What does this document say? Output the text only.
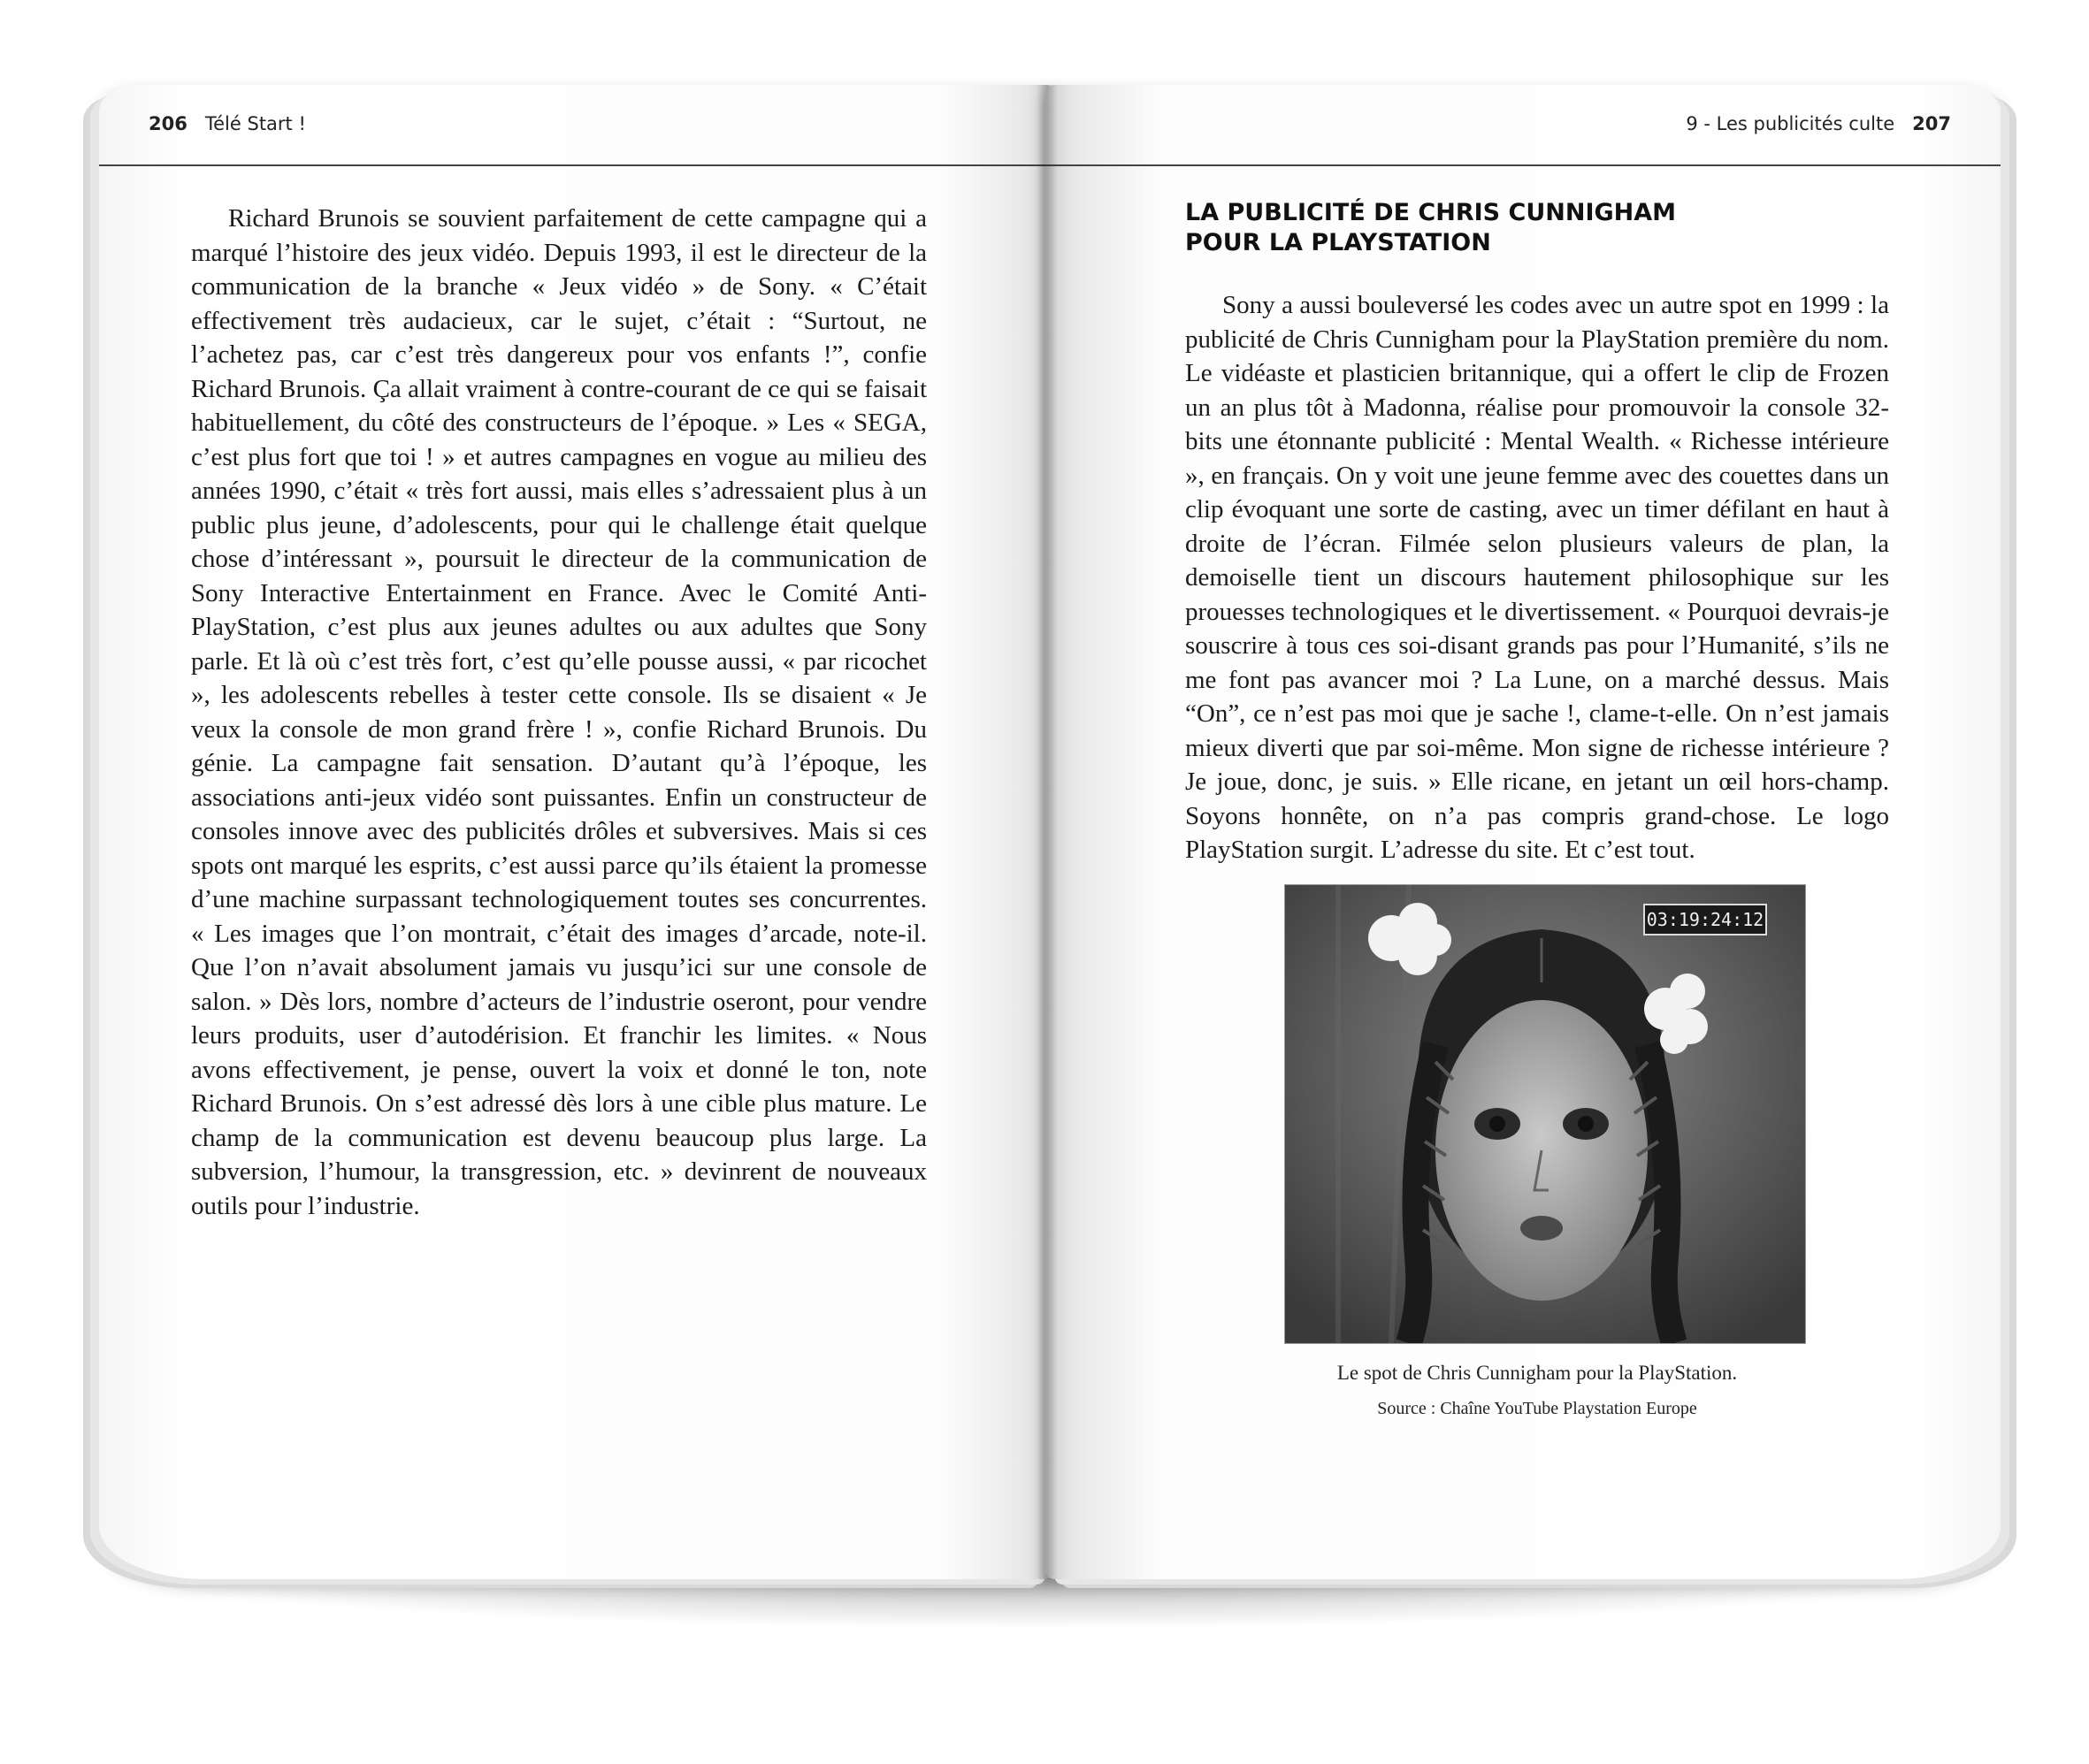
206 Télé Start !

Richard Brunois se souvient parfaitement de cette campagne qui a marqué l’histoire des jeux vidéo. Depuis 1993, il est le directeur de la communication de la branche « Jeux vidéo » de Sony. « C’était effectivement très audacieux, car le sujet, c’était : “Surtout, ne l’achetez pas, car c’est très dangereux pour vos enfants !”, confie Richard Brunois. Ça allait vraiment à contre-courant de ce qui se faisait habituellement, du côté des constructeurs de l’époque. » Les « SEGA, c’est plus fort que toi ! » et autres campagnes en vogue au milieu des années 1990, c’était « très fort aussi, mais elles s’adressaient plus à un public plus jeune, d’adolescents, pour qui le challenge était quelque chose d’intéressant », poursuit le directeur de la communication de Sony Interactive Entertainment en France. Avec le Comité Anti-PlayStation, c’est plus aux jeunes adultes ou aux adultes que Sony parle. Et là où c’est très fort, c’est qu’elle pousse aussi, « par ricochet », les adolescents rebelles à tester cette console. Ils se disaient « Je veux la console de mon grand frère ! », confie Richard Brunois. Du génie. La campagne fait sensation. D’autant qu’à l’époque, les associations anti-jeux vidéo sont puissantes. Enfin un constructeur de consoles innove avec des publicités drôles et subversives. Mais si ces spots ont marqué les esprits, c’est aussi parce qu’ils étaient la promesse d’une machine surpassant technologiquement toutes ses concurrentes. « Les images que l’on montrait, c’était des images d’arcade, note-il. Que l’on n’avait absolument jamais vu jusqu’ici sur une console de salon. » Dès lors, nombre d’acteurs de l’industrie oseront, pour vendre leurs produits, user d’autodérision. Et franchir les limites. « Nous avons effectivement, je pense, ouvert la voix et donné le ton, note Richard Brunois. On s’est adressé dès lors à une cible plus mature. Le champ de la communication est devenu beaucoup plus large. La subversion, l’humour, la transgression, etc. » devinrent de nouveaux outils pour l’industrie.

9 - Les publicités culte 207
LA PUBLICITÉ DE CHRIS CUNNIGHAM
POUR LA PLAYSTATION

Sony a aussi bouleversé les codes avec un autre spot en 1999 : la publicité de Chris Cunnigham pour la PlayStation première du nom. Le vidéaste et plasticien britannique, qui a offert le clip de Frozen un an plus tôt à Madonna, réalise pour promouvoir la console 32-bits une étonnante publicité : Mental Wealth. « Richesse intérieure », en français. On y voit une jeune femme avec des couettes dans un clip évoquant une sorte de casting, avec un timer défilant en haut à droite de l’écran. Filmée selon plusieurs valeurs de plan, la demoiselle tient un discours hautement philosophique sur les prouesses technologiques et le divertissement. « Pourquoi devrais-je souscrire à tous ces soi-disant grands pas pour l’Humanité, s’ils ne me font pas avancer moi ? La Lune, on a marché dessus. Mais “On”, ce n’est pas moi que je sache !, clame-t-elle. On n’est jamais mieux diverti que par soi-même. Mon signe de richesse intérieure ? Je joue, donc, je suis. » Elle ricane, en jetant un œil hors-champ. Soyons honnête, on n’a pas compris grand-chose. Le logo PlayStation surgit. L’adresse du site. Et c’est tout.

03:19:24:12
Le spot de Chris Cunnigham pour la PlayStation.
Source : Chaîne YouTube Playstation Europe
